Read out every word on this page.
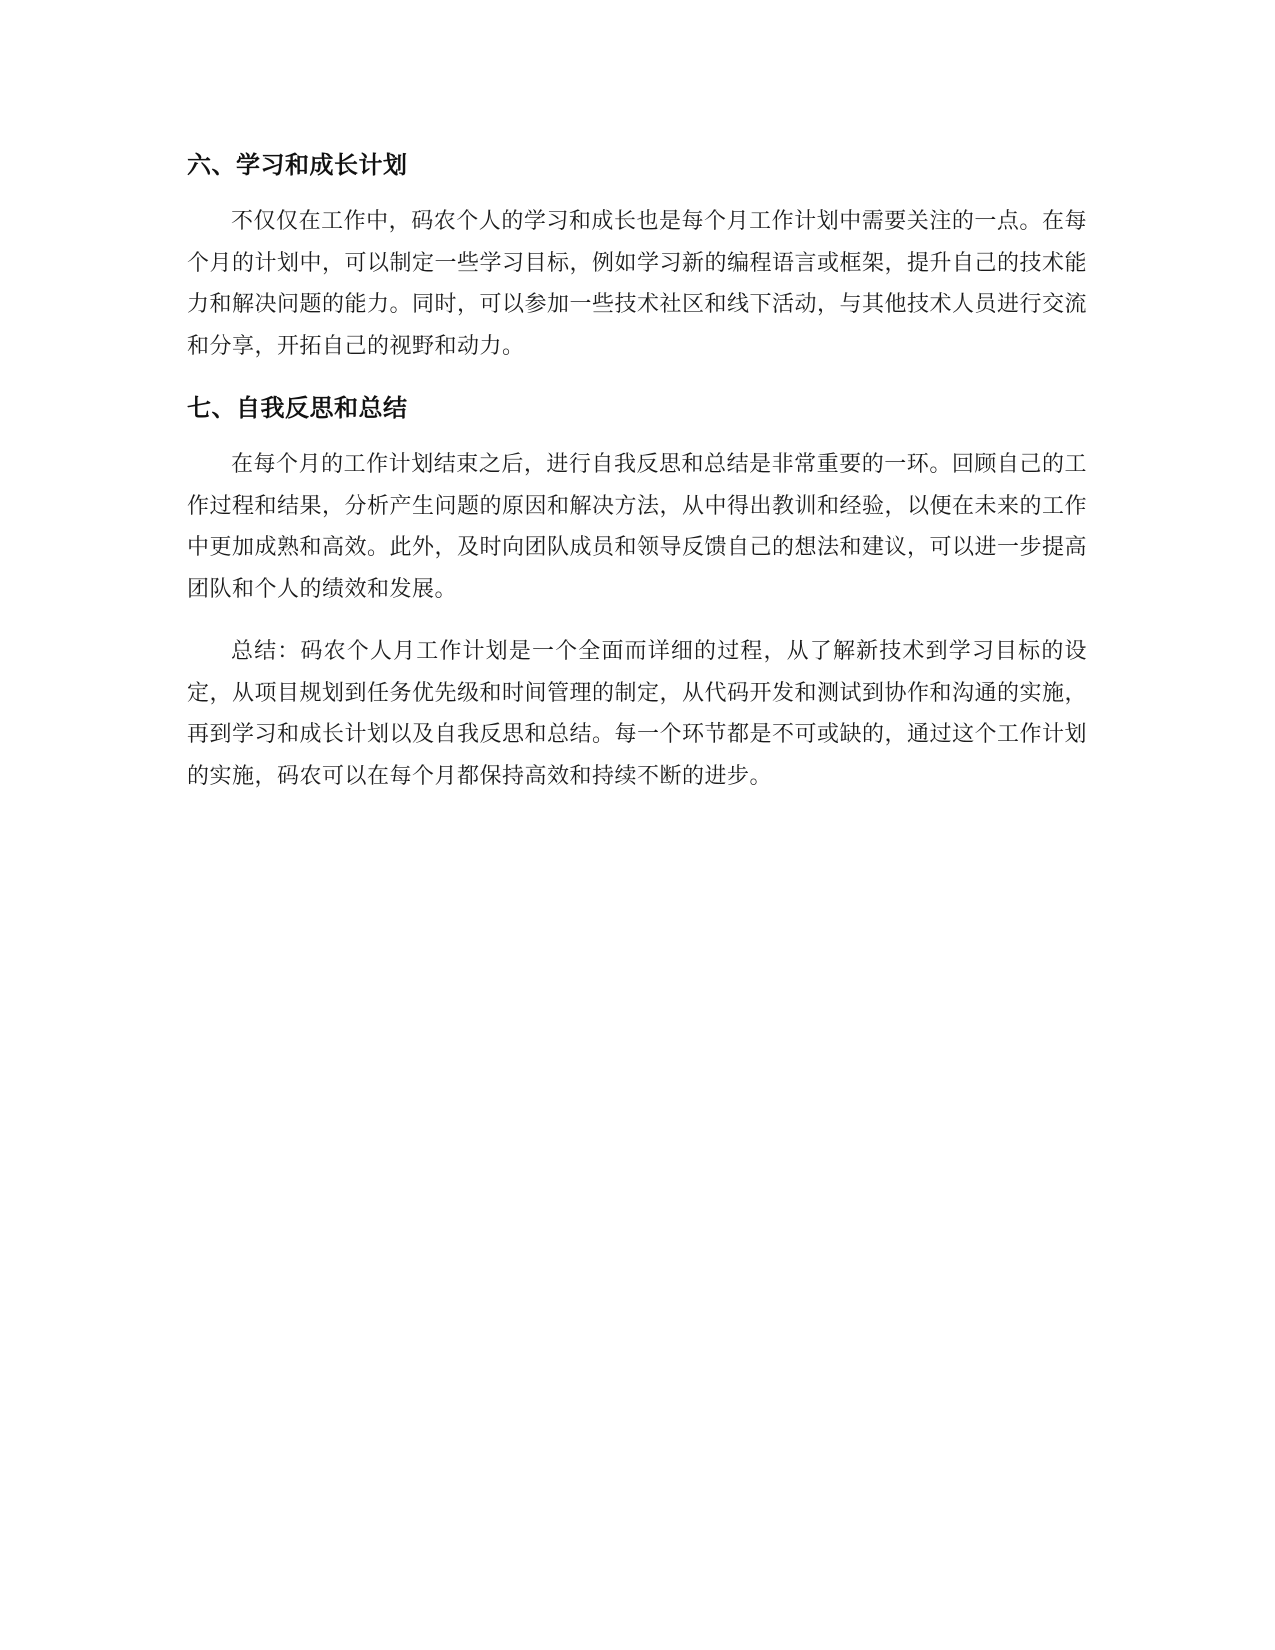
六、学习和成长计划

不仅仅在工作中，码农个人的学习和成长也是每个月工作计划中需要关注的一点。在每个月的计划中，可以制定一些学习目标，例如学习新的编程语言或框架，提升自己的技术能力和解决问题的能力。同时，可以参加一些技术社区和线下活动，与其他技术人员进行交流和分享，开拓自己的视野和动力。

七、自我反思和总结

在每个月的工作计划结束之后，进行自我反思和总结是非常重要的一环。回顾自己的工作过程和结果，分析产生问题的原因和解决方法，从中得出教训和经验，以便在未来的工作中更加成熟和高效。此外，及时向团队成员和领导反馈自己的想法和建议，可以进一步提高团队和个人的绩效和发展。

总结：码农个人月工作计划是一个全面而详细的过程，从了解新技术到学习目标的设定，从项目规划到任务优先级和时间管理的制定，从代码开发和测试到协作和沟通的实施，再到学习和成长计划以及自我反思和总结。每一个环节都是不可或缺的，通过这个工作计划的实施，码农可以在每个月都保持高效和持续不断的进步。
